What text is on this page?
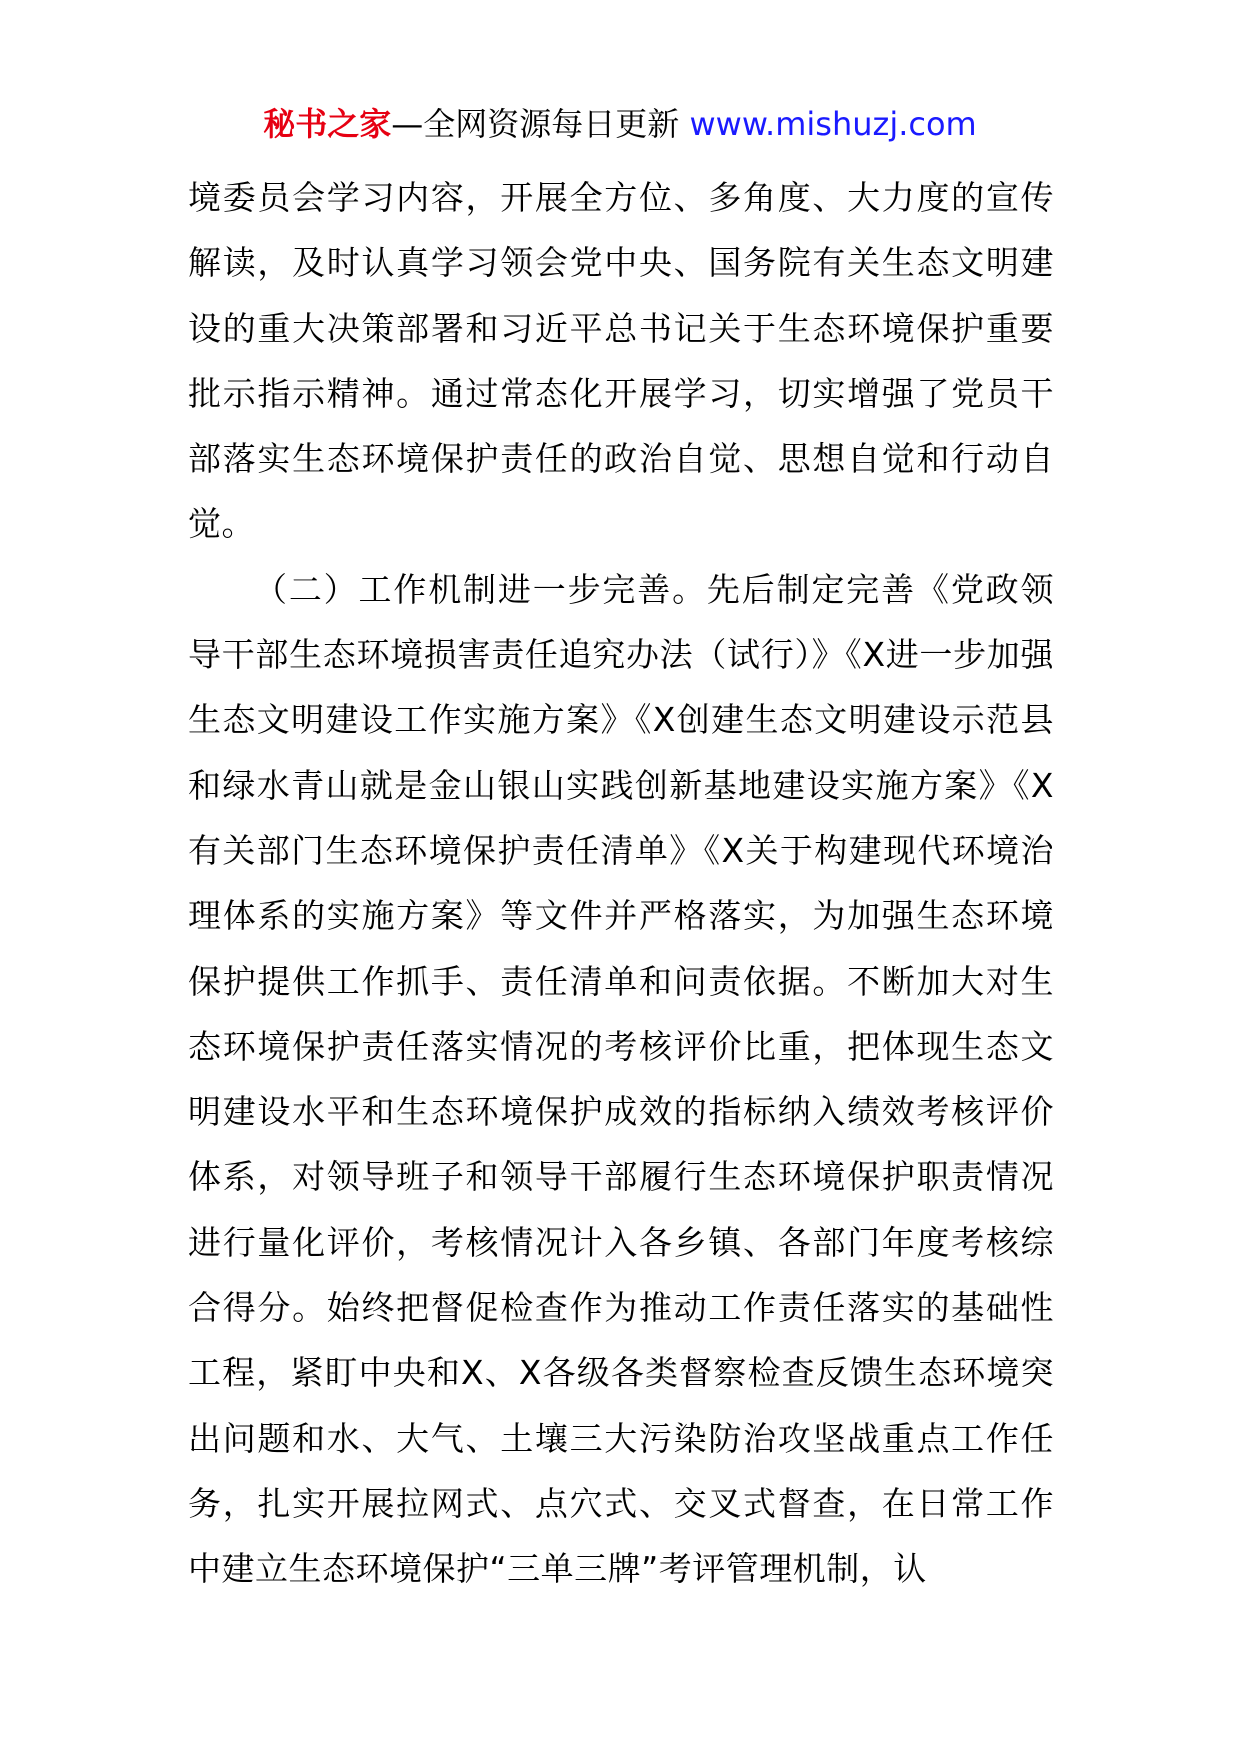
秘书之家—全网资源每日更新 www.mishuzj.com

境委员会学习内容，开展全方位、多角度、大力度的宣传解读，及时认真学习领会党中央、国务院有关生态文明建设的重大决策部署和习近平总书记关于生态环境保护重要批示指示精神。通过常态化开展学习，切实增强了党员干部落实生态环境保护责任的政治自觉、思想自觉和行动自觉。

（二）工作机制进一步完善。先后制定完善《党政领导干部生态环境损害责任追究办法（试行）》《X进一步加强生态文明建设工作实施方案》《X创建生态文明建设示范县和绿水青山就是金山银山实践创新基地建设实施方案》《X有关部门生态环境保护责任清单》《X关于构建现代环境治理体系的实施方案》等文件并严格落实，为加强生态环境保护提供工作抓手、责任清单和问责依据。不断加大对生态环境保护责任落实情况的考核评价比重，把体现生态文明建设水平和生态环境保护成效的指标纳入绩效考核评价体系，对领导班子和领导干部履行生态环境保护职责情况进行量化评价，考核情况计入各乡镇、各部门年度考核综合得分。始终把督促检查作为推动工作责任落实的基础性工程，紧盯中央和X、X各级各类督察检查反馈生态环境突出问题和水、大气、土壤三大污染防治攻坚战重点工作任务，扎实开展拉网式、点穴式、交叉式督查，在日常工作中建立生态环境保护“三单三牌”考评管理机制，认
